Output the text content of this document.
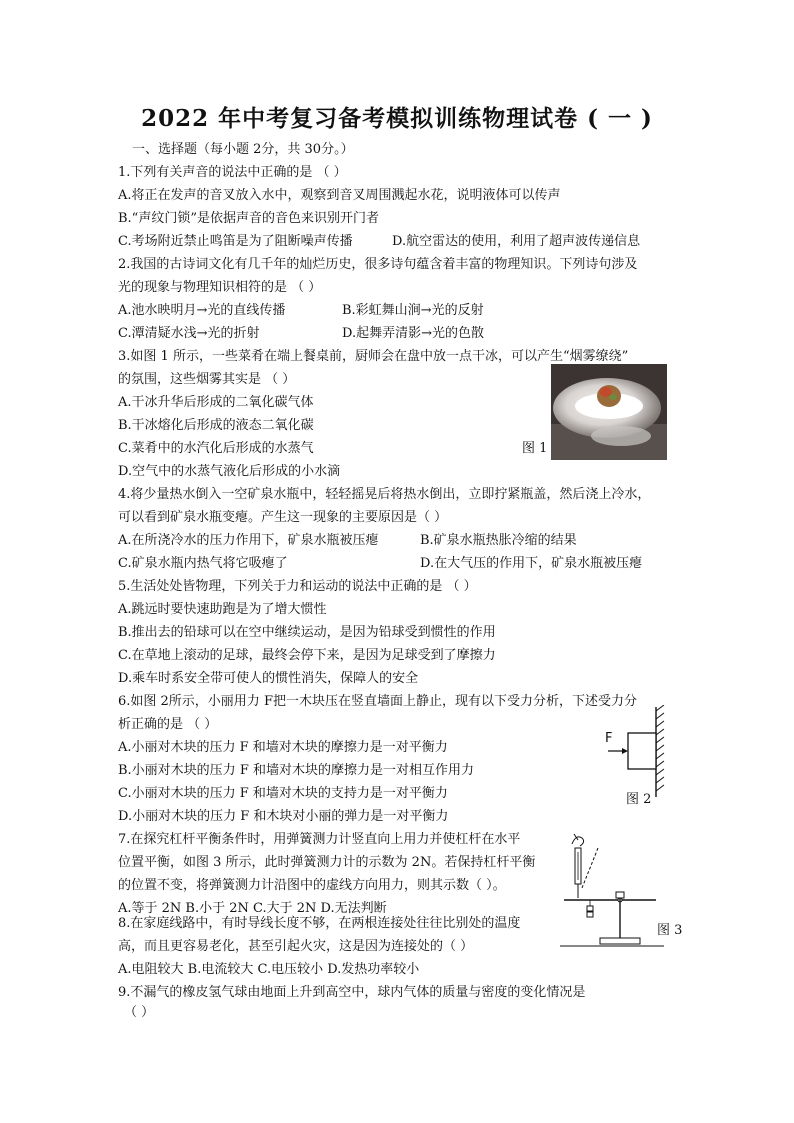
2022 年中考复习备考模拟训练物理试卷 ( 一 )
一、选择题（每小题 2分，共 30分。）
1.下列有关声音的说法中正确的是 （ ）
A.将正在发声的音叉放入水中，观察到音叉周围溅起水花，说明液体可以传声
B.“声纹门锁”是依据声音的音色来识别开门者
C.考场附近禁止鸣笛是为了阻断噪声传播	D.航空雷达的使用，利用了超声波传递信息
2.我国的古诗词文化有几千年的灿烂历史，很多诗句蕴含着丰富的物理知识。下列诗句涉及
光的现象与物理知识相符的是 （ ）
A.池水映明月→光的直线传播	B.彩虹舞山涧→光的反射
C.潭清疑水浅→光的折射	D.起舞弄清影→光的色散
3.如图 1 所示，一些菜肴在端上餐桌前，厨师会在盘中放一点干冰，可以产生“烟雾缭绕”
的氛围，这些烟雾其实是 （ ）
A.干冰升华后形成的二氧化碳气体
B.干冰熔化后形成的液态二氧化碳
C.菜肴中的水汽化后形成的水蒸气
D.空气中的水蒸气液化后形成的小水滴
图 1
4.将少量热水倒入一空矿泉水瓶中，轻轻摇晃后将热水倒出，立即拧紧瓶盖，然后浇上冷水，
可以看到矿泉水瓶变瘪。产生这一现象的主要原因是（ ）
A.在所浇冷水的压力作用下，矿泉水瓶被压瘪	B.矿泉水瓶热胀冷缩的结果
C.矿泉水瓶内热气将它吸瘪了	D.在大气压的作用下，矿泉水瓶被压瘪
5.生活处处皆物理，下列关于力和运动的说法中正确的是 （ ）
A.跳远时要快速助跑是为了增大惯性
B.推出去的铅球可以在空中继续运动，是因为铅球受到惯性的作用
C.在草地上滚动的足球，最终会停下来，是因为足球受到了摩擦力
D.乘车时系安全带可使人的惯性消失，保障人的安全
6.如图 2所示，小丽用力 F把一木块压在竖直墙面上静止，现有以下受力分析，下述受力分
析正确的是 （ ）
A.小丽对木块的压力 F 和墙对木块的摩擦力是一对平衡力
B.小丽对木块的压力 F 和墙对木块的摩擦力是一对相互作用力
C.小丽对木块的压力 F 和墙对木块的支持力是一对平衡力
D.小丽对木块的压力 F 和木块对小丽的弹力是一对平衡力
F
图 2
7.在探究杠杆平衡条件时，用弹簧测力计竖直向上用力并使杠杆在水平
位置平衡，如图 3 所示，此时弹簧测力计的示数为 2N。若保持杠杆平衡
的位置不变，将弹簧测力计沿图中的虚线方向用力，则其示数（ ）。
A.等于 2N B.小于 2N C.大于 2N D.无法判断
图 3
8.在家庭线路中，有时导线长度不够，在两根连接处往往比别处的温度
高，而且更容易老化，甚至引起火灾，这是因为连接处的（ ）
A.电阻较大 B.电流较大 C.电压较小 D.发热功率较小
9.不漏气的橡皮氢气球由地面上升到高空中，球内气体的质量与密度的变化情况是
（ ）
